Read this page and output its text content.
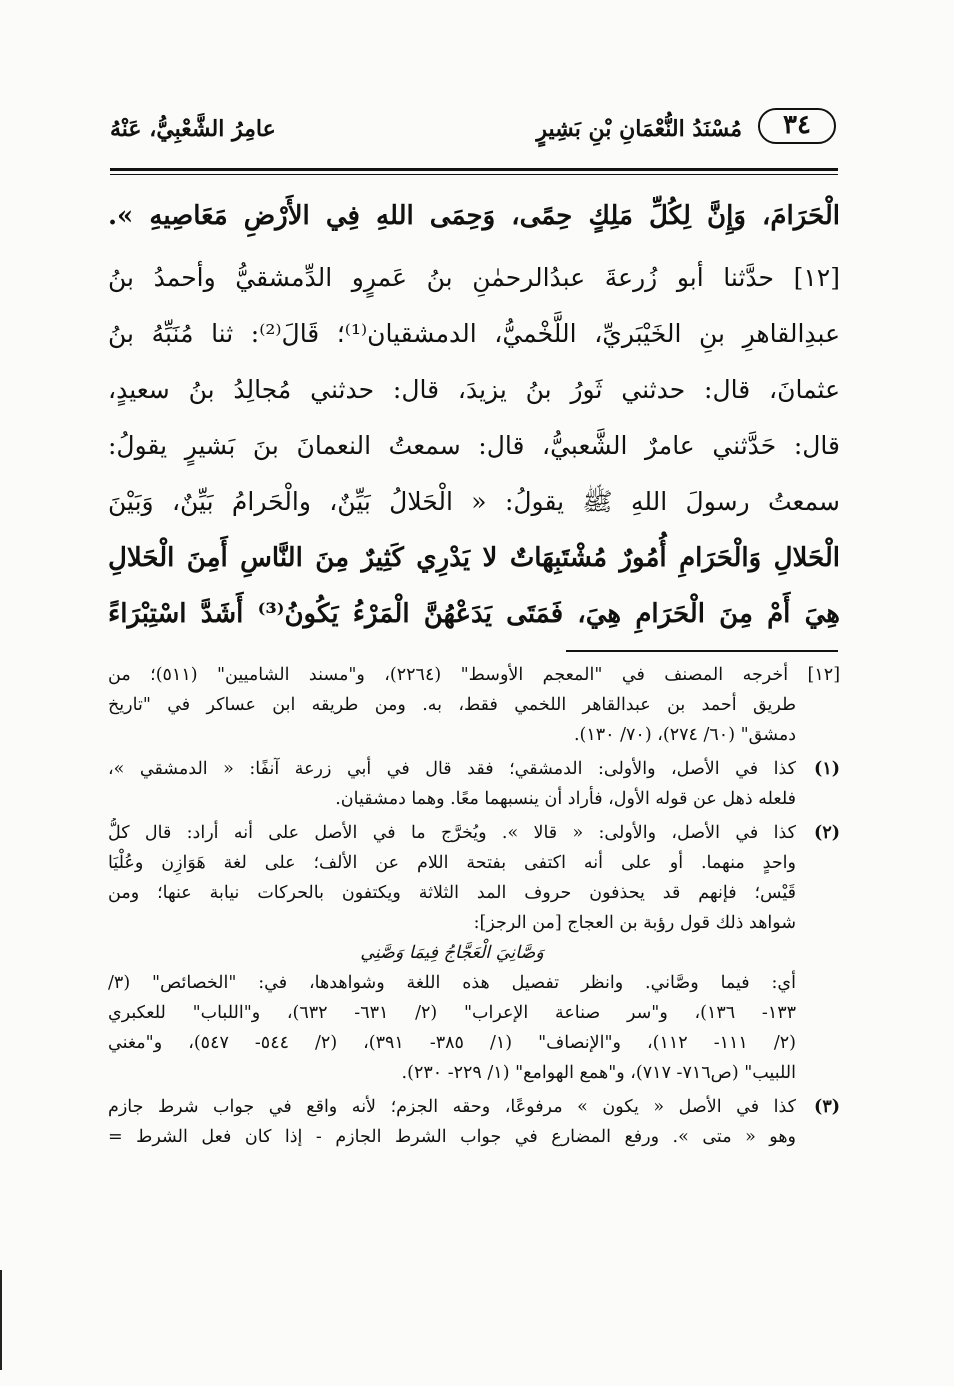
٣٤
مُسْنَدُ النُّعْمَانِ بْنِ بَشِيرٍ
عامِرُ الشَّعْبِيُّ، عَنْهُ
الْحَرَامَ، وَإِنَّ لِكُلِّ مَلِكٍ حِمًى، وَحِمَى اللهِ فِي الأَرْضِ مَعَاصِيهِ ».
[١٢] حدَّثنا أبو زُرعةَ عبدُالرحمٰنِ بنُ عَمرٍو الدِّمشقيُّ وأحمدُ بنُ
عبدِالقاهرِ بنِ الخَيْبَريِّ، اللَّخْميُّ، الدمشقيان⁽¹⁾؛ قَالَ⁽²⁾: ثنا مُنَبِّهُ بنُ
عثمانَ، قال: حدثني ثَورُ بنُ يزيدَ، قال: حدثني مُجالِدُ بنُ سعيدٍ،
قال: حَدَّثني عامرٌ الشَّعبيُّ، قال: سمعتُ النعمانَ بنَ بَشيرٍ يقولُ:
سمعتُ رسولَ اللهِ ﷺ يقولُ: « الْحَلالُ بَيِّنٌ، والْحَرامُ بَيِّنٌ، وَبَيْنَ
الْحَلالِ وَالْحَرَامِ أُمُورٌ مُشْتَبِهَاتٌ لا يَدْرِي كَثِيرٌ مِنَ النَّاسِ أَمِنَ الْحَلالِ
هِيَ أَمْ مِنَ الْحَرَامِ هِيَ، فَمَتَى يَدَعْهُنَّ الْمَرْءُ يَكُونُ⁽³⁾ أَشَدَّ اسْتِبْرَاءً
[١٢] أخرجه المصنف في "المعجم الأوسط" (٢٢٦٤)، و"مسند الشاميين" (٥١١)؛ من
طريق أحمد بن عبدالقاهر اللخمي فقط، به. ومن طريقه ابن عساكر في "تاريخ
دمشق" (٦٠/ ٢٧٤)، (٧٠/ ١٣٠).
(١)
كذا في الأصل، والأولى: الدمشقي؛ فقد قال في أبي زرعة آنفًا: « الدمشقي »،
فلعله ذهل عن قوله الأول، فأراد أن ينسبهما معًا. وهما دمشقيان.
(٢)
كذا في الأصل، والأولى: « قالا ». ويُخرَّج ما في الأصل على أنه أراد: قال كلُّ
واحدٍ منهما. أو على أنه اكتفى بفتحة اللام عن الألف؛ على لغة هَوَازِن وعُلْيَا
قَيْس؛ فإنهم قد يحذفون حروف المد الثلاثة ويكتفون بالحركات نيابة عنها؛ ومن
شواهد ذلك قول رؤبة بن العجاج [من الرجز]:
وَصَّانِيَ الْعَجَّاجُ فِيمَا وَصَّنِي
أي: فيما وصَّاني. وانظر تفصيل هذه اللغة وشواهدها، في: "الخصائص" (٣/
١٣٣- ١٣٦)، و"سر صناعة الإعراب" (٢/ ٦٣١- ٦٣٢)، و"اللباب" للعكبري
(٢/ ١١١- ١١٢)، و"الإنصاف" (١/ ٣٨٥- ٣٩١)، (٢/ ٥٤٤- ٥٤٧)، و"مغني
اللبيب" (ص٧١٦- ٧١٧)، و"همع الهوامع" (١/ ٢٢٩- ٢٣٠).
(٣)
كذا في الأصل « يكون » مرفوعًا، وحقه الجزم؛ لأنه واقع في جواب شرط جازم
وهو « متى ». ورفع المضارع في جواب الشرط الجازم - إذا كان فعل الشرط =
